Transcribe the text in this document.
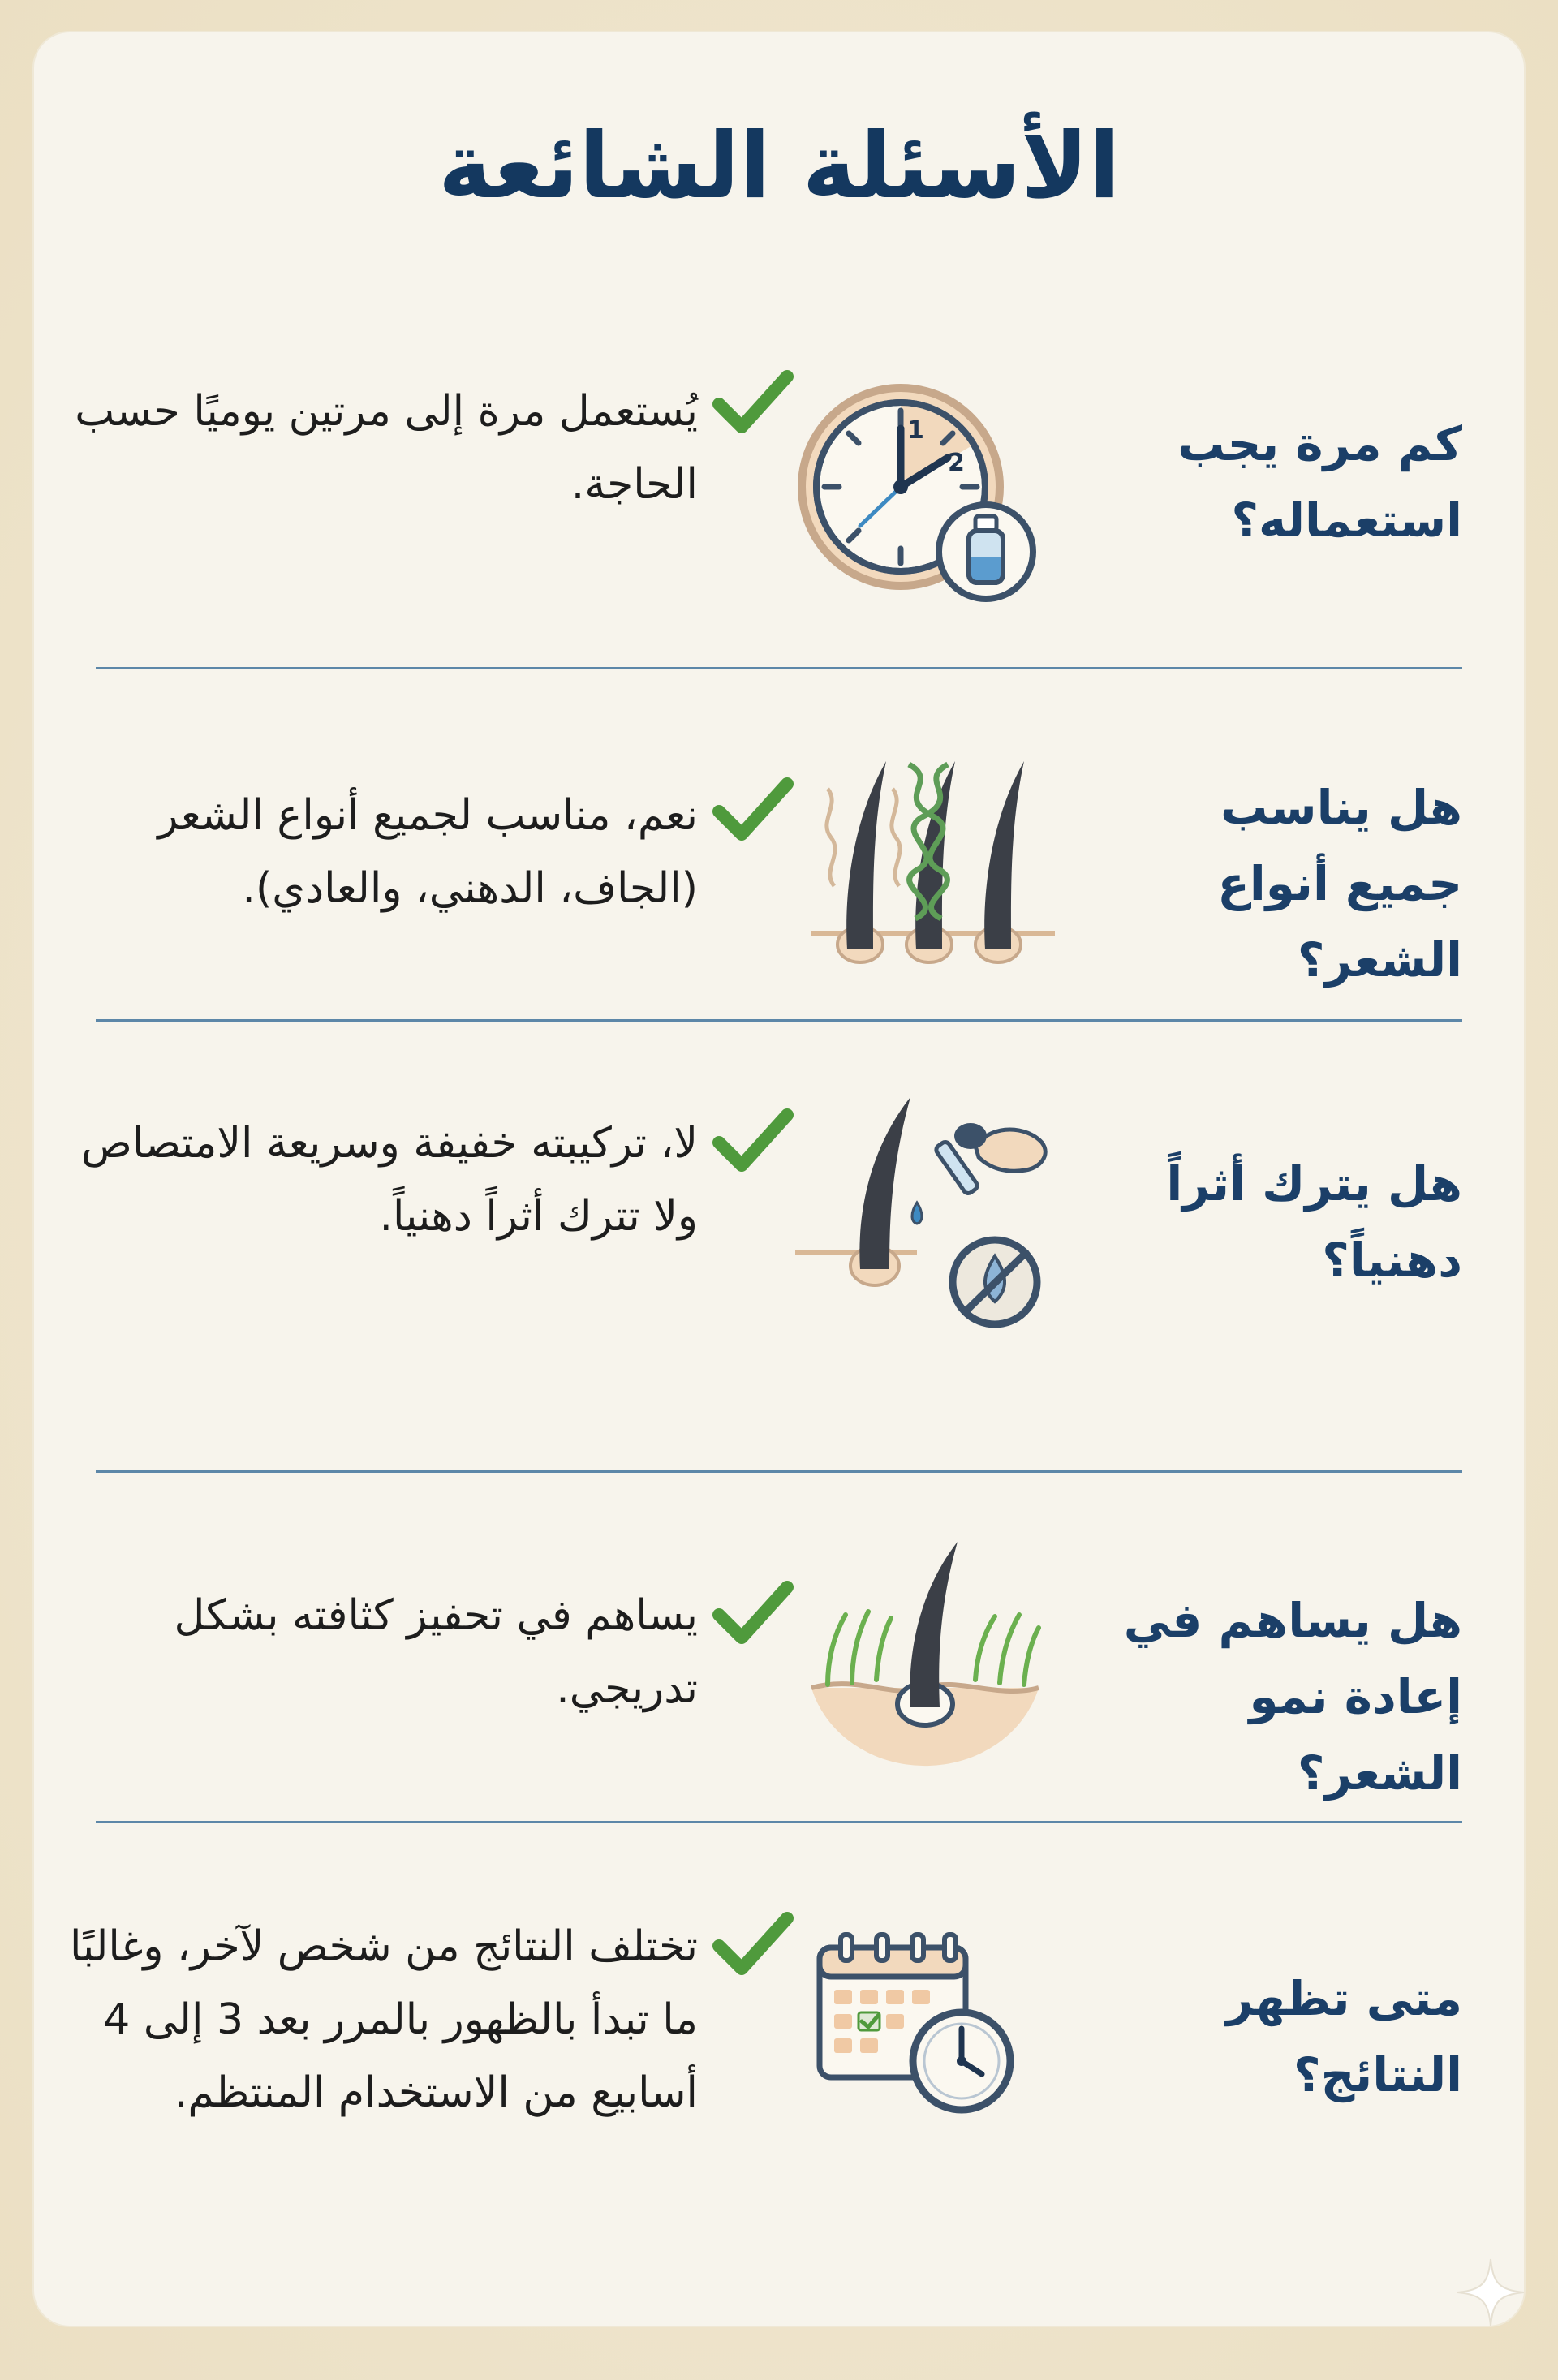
الأسئلة الشائعة
كم مرة يجب استعماله؟
1
2
يُستعمل مرة إلى مرتين يوميًا حسب الحاجة.
هل يناسب جميع أنواع الشعر؟
نعم، مناسب لجميع أنواع الشعر (الجاف، الدهني، والعادي).
هل يترك أثراً دهنياً؟
لا، تركيبته خفيفة وسريعة الامتصاص ولا تترك أثراً دهنياً.
هل يساهم في إعادة نمو الشعر؟
يساهم في تحفيز كثافته بشكل تدريجي.
متى تظهر النتائج؟
تختلف النتائج من شخص لآخر، وغالبًا ما تبدأ بالظهور بالمرر بعد 3 إلى 4 أسابيع من الاستخدام المنتظم.
